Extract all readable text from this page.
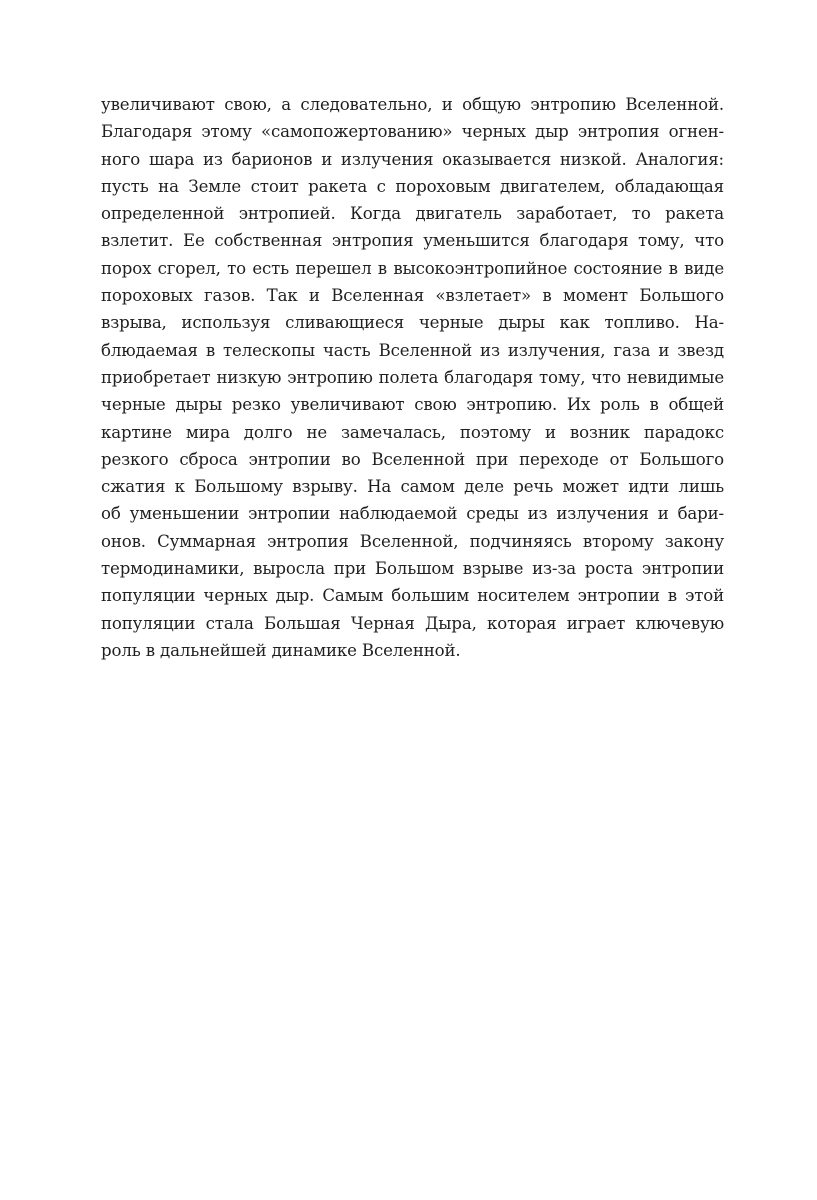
увеличивают свою, а следовательно, и общую энтропию Вселенной.
Благодаря этому «самопожертованию» черных дыр энтропия огнен-
ного шара из барионов и излучения оказывается низкой. Аналогия:
пусть на Земле стоит ракета с пороховым двигателем, обладающая
определенной энтропией. Когда двигатель заработает, то ракета
взлетит. Ее собственная энтропия уменьшится благодаря тому, что
порох сгорел, то есть перешел в высокоэнтропийное состояние в виде
пороховых газов. Так и Вселенная «взлетает» в момент Большого
взрыва, используя сливающиеся черные дыры как топливо. На-
блюдаемая в телескопы часть Вселенной из излучения, газа и звезд
приобретает низкую энтропию полета благодаря тому, что невидимые
черные дыры резко увеличивают свою энтропию. Их роль в общей
картине мира долго не замечалась, поэтому и возник парадокс
резкого сброса энтропии во Вселенной при переходе от Большого
сжатия к Большому взрыву. На самом деле речь может идти лишь
об уменьшении энтропии наблюдаемой среды из излучения и бари-
онов. Суммарная энтропия Вселенной, подчиняясь второму закону
термодинамики, выросла при Большом взрыве из-за роста энтропии
популяции черных дыр. Самым большим носителем энтропии в этой
популяции стала Большая Черная Дыра, которая играет ключевую
роль в дальнейшей динамике Вселенной.
